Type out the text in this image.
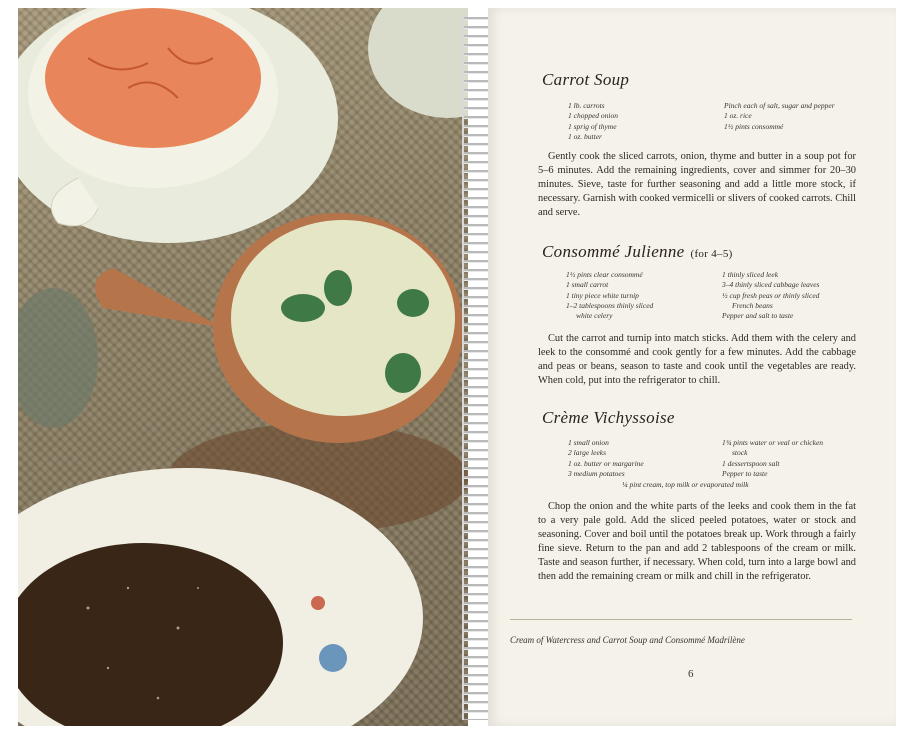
Carrot Soup
1 lb. carrots
1 chopped onion
1 sprig of thyme
1 oz. butter
Pinch each of salt, sugar and pepper
1 oz. rice
1½ pints consommé
Gently cook the sliced carrots, onion, thyme and butter in a soup pot for 5–6 minutes. Add the remaining ingredients, cover and simmer for 20–30 minutes. Sieve, taste for further seasoning and add a little more stock, if necessary. Garnish with cooked vermicelli or slivers of cooked carrots. Chill and serve.
Consommé Julienne (for 4–5)
1½ pints clear consommé
1 small carrot
1 tiny piece white turnip
1–2 tablespoons thinly sliced
white celery
1 thinly sliced leek
3–4 thinly sliced cabbage leaves
½ cup fresh peas or thinly sliced
French beans
Pepper and salt to taste
Cut the carrot and turnip into match sticks. Add them with the celery and leek to the consommé and cook gently for a few minutes. Add the cabbage and peas or beans, season to taste and cook until the vegetables are ready. When cold, put into the refrigerator to chill.
Crème Vichyssoise
1 small onion
2 large leeks
1 oz. butter or margarine
3 medium potatoes
1¾ pints water or veal or chicken
stock
1 dessertspoon salt
Pepper to taste
¼ pint cream, top milk or evaporated milk
Chop the onion and the white parts of the leeks and cook them in the fat to a very pale gold. Add the sliced peeled potatoes, water or stock and seasoning. Cover and boil until the potatoes break up. Work through a fairly fine sieve. Return to the pan and add 2 tablespoons of the cream or milk. Taste and season further, if necessary. When cold, turn into a large bowl and then add the remaining cream or milk and chill in the refrigerator.
Cream of Watercress and Carrot Soup and Consommé Madrilène
6
